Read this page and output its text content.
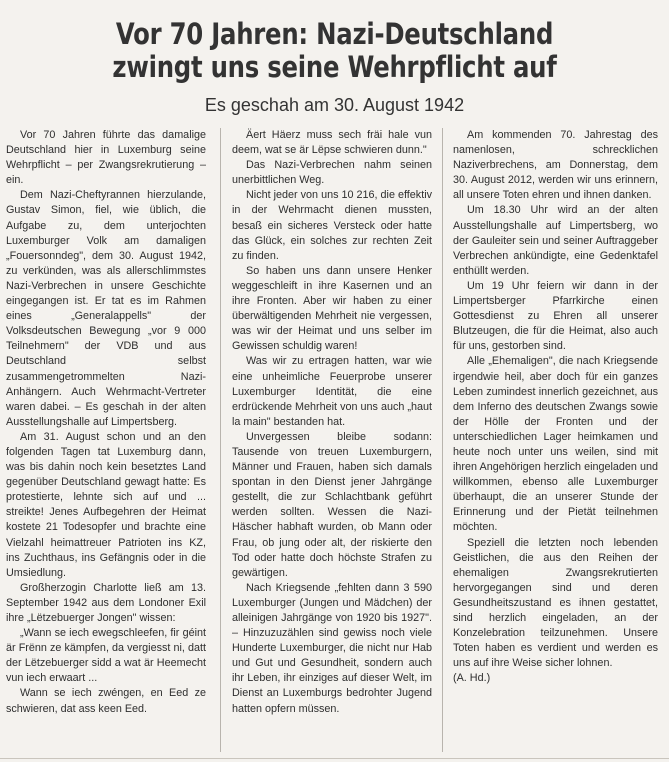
Vor 70 Jahren: Nazi-Deutschland
zwingt uns seine Wehrpflicht auf
Es geschah am 30. August 1942

Vor 70 Jahren führte das damalige Deutschland hier in Luxemburg seine Wehrpflicht – per Zwangsrekrutierung – ein.

Dem Nazi-Cheftyrannen hierzulande, Gustav Simon, fiel, wie üblich, die Aufgabe zu, dem unterjochten Luxemburger Volk am damaligen „Fouersonndeg", dem 30. August 1942, zu verkünden, was als allerschlimmstes Nazi-Verbrechen in unsere Geschichte eingegangen ist. Er tat es im Rahmen eines „Generalappells" der Volksdeutschen Bewegung „vor 9 000 Teilnehmern" der VDB und aus Deutschland selbst zusammengetrommelten Nazi-Anhängern. Auch Wehrmacht-Vertreter waren dabei. – Es geschah in der alten Ausstellungshalle auf Limpertsberg.

Am 31. August schon und an den folgenden Tagen tat Luxemburg dann, was bis dahin noch kein besetztes Land gegenüber Deutschland gewagt hatte: Es protestierte, lehnte sich auf und ... streikte! Jenes Aufbegehren der Heimat kostete 21 Todesopfer und brachte eine Vielzahl heimattreuer Patrioten ins KZ, ins Zuchthaus, ins Gefängnis oder in die Umsiedlung.

Großherzogin Charlotte ließ am 13. September 1942 aus dem Londoner Exil ihre „Lëtzebuerger Jongen" wissen:

„Wann se iech ewegschleefen, fir géint är Frënn ze kämpfen, da vergiesst ni, datt der Lëtzebuerger sidd a wat är Heemecht vun iech erwaart ...

Wann se iech zwéngen, en Eed ze schwieren, dat ass keen Eed.

Äert Häerz muss sech fräi hale vun deem, wat se är Lëpse schwieren dunn."

Das Nazi-Verbrechen nahm seinen unerbittlichen Weg.

Nicht jeder von uns 10 216, die effektiv in der Wehrmacht dienen mussten, besaß ein sicheres Versteck oder hatte das Glück, ein solches zur rechten Zeit zu finden.

So haben uns dann unsere Henker weggeschleift in ihre Kasernen und an ihre Fronten. Aber wir haben zu einer überwältigenden Mehrheit nie vergessen, was wir der Heimat und uns selber im Gewissen schuldig waren!

Was wir zu ertragen hatten, war wie eine unheimliche Feuerprobe unserer Luxemburger Identität, die eine erdrückende Mehrheit von uns auch „haut la main" bestanden hat.

Unvergessen bleibe sodann: Tausende von treuen Luxemburgern, Männer und Frauen, haben sich damals spontan in den Dienst jener Jahrgänge gestellt, die zur Schlachtbank geführt werden sollten. Wessen die Nazi-Häscher habhaft wurden, ob Mann oder Frau, ob jung oder alt, der riskierte den Tod oder hatte doch höchste Strafen zu gewärtigen.

Nach Kriegsende „fehlten dann 3 590 Luxemburger (Jungen und Mädchen) der alleinigen Jahrgänge von 1920 bis 1927". – Hinzuzuzählen sind gewiss noch viele Hunderte Luxemburger, die nicht nur Hab und Gut und Gesundheit, sondern auch ihr Leben, ihr einziges auf dieser Welt, im Dienst an Luxemburgs bedrohter Jugend hatten opfern müssen.

Am kommenden 70. Jahrestag des namenlosen, schrecklichen Naziverbrechens, am Donnerstag, dem 30. August 2012, werden wir uns erinnern, all unsere Toten ehren und ihnen danken.

Um 18.30 Uhr wird an der alten Ausstellungshalle auf Limpertsberg, wo der Gauleiter sein und seiner Auftraggeber Verbrechen ankündigte, eine Gedenktafel enthüllt werden.

Um 19 Uhr feiern wir dann in der Limpertsberger Pfarrkirche einen Gottesdienst zu Ehren all unserer Blutzeugen, die für die Heimat, also auch für uns, gestorben sind.

Alle „Ehemaligen", die nach Kriegsende irgendwie heil, aber doch für ein ganzes Leben zumindest innerlich gezeichnet, aus dem Inferno des deutschen Zwangs sowie der Hölle der Fronten und der unterschiedlichen Lager heimkamen und heute noch unter uns weilen, sind mit ihren Angehörigen herzlich eingeladen und willkommen, ebenso alle Luxemburger überhaupt, die an unserer Stunde der Erinnerung und der Pietät teilnehmen möchten.

Speziell die letzten noch lebenden Geistlichen, die aus den Reihen der ehemaligen Zwangsrekrutierten hervorgegangen sind und deren Gesundheitszustand es ihnen gestattet, sind herzlich eingeladen, an der Konzelebration teilzunehmen. Unsere Toten haben es verdient und werden es uns auf ihre Weise sicher lohnen.

(A. Hd.)
